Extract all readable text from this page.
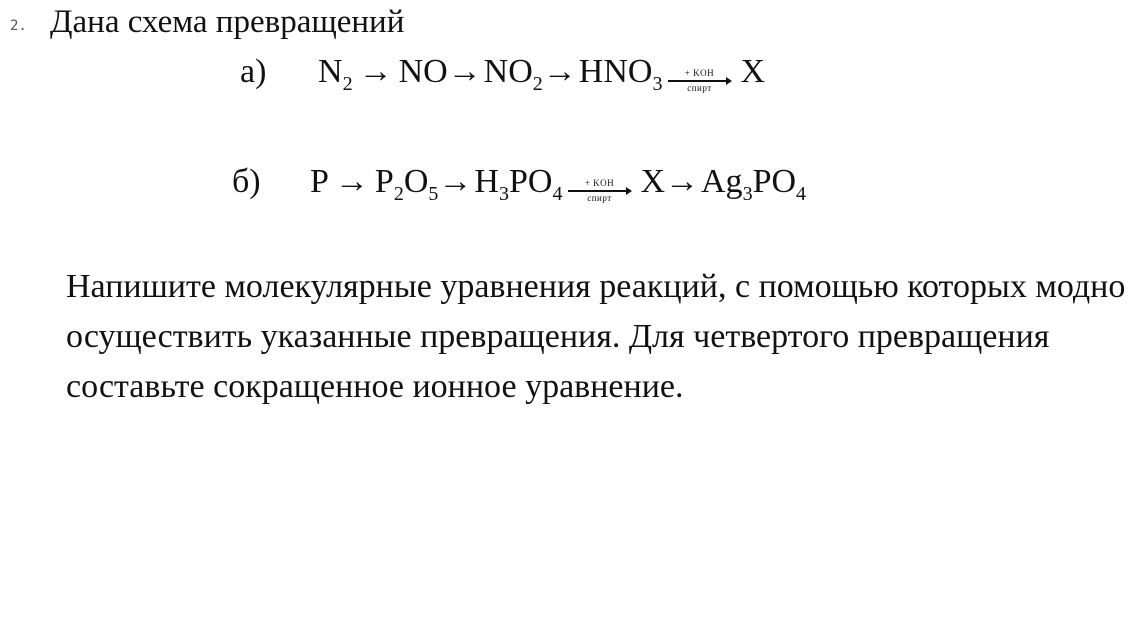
2. Дана схема превращений
а) $N_2 \to NO\to NO_2\to HNO_3$ + KOH
спирт X
б) $P \to P_2O_5\to H_3PO_4$ + KOH
спирт $X\to Ag_3PO_4$
Напишите молекулярные уравнения реакций, с помощью которых модно осуществить указанные превращения. Для четвертого превращения составьте сокращенное ионное уравнение.
